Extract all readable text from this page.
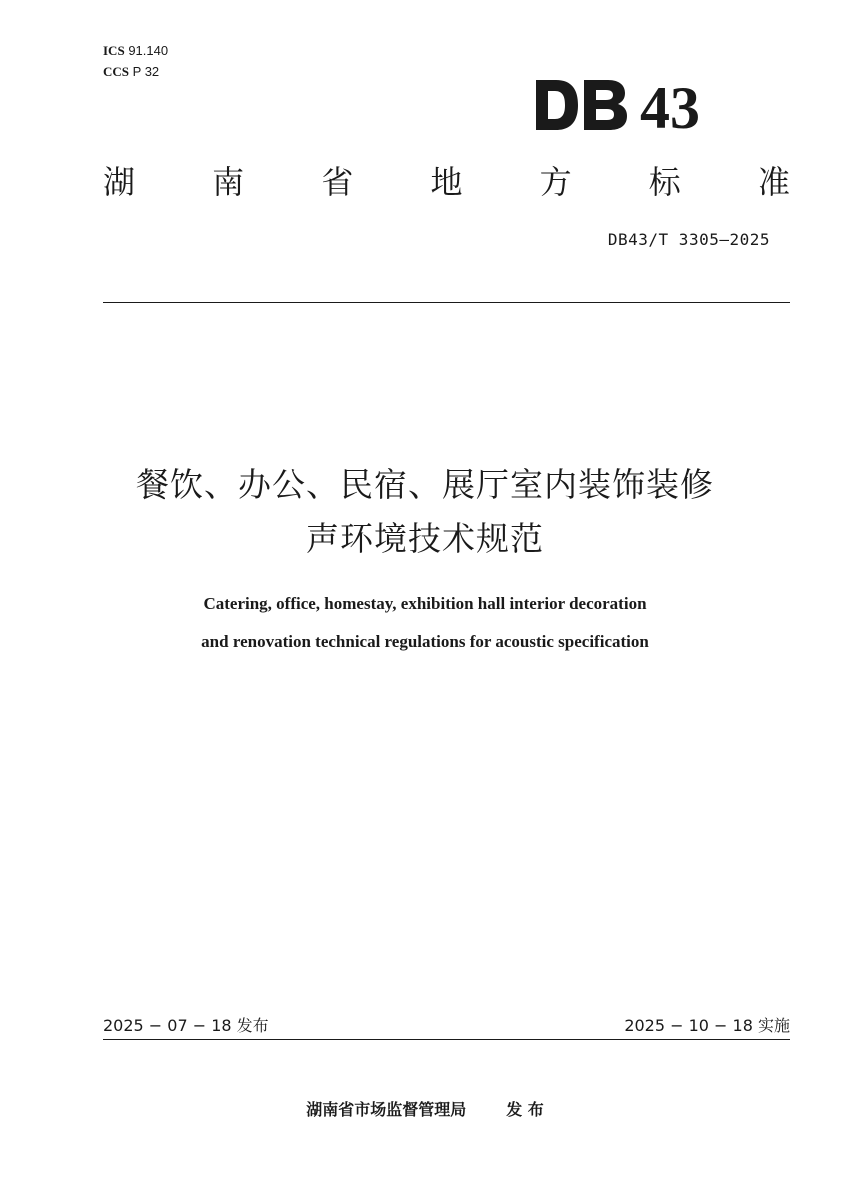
ICS 91.140
CCS P 32
43
湖 南 省 地 方 标 准
DB43/T 3305—2025
餐饮、办公、民宿、展厅室内装饰装修
声环境技术规范
Catering, office, homestay, exhibition hall interior decoration
and renovation technical regulations for acoustic specification
2025 − 07 − 18 发布	2025 − 10 − 18 实施
湖南省市场监督管理局	发 布
